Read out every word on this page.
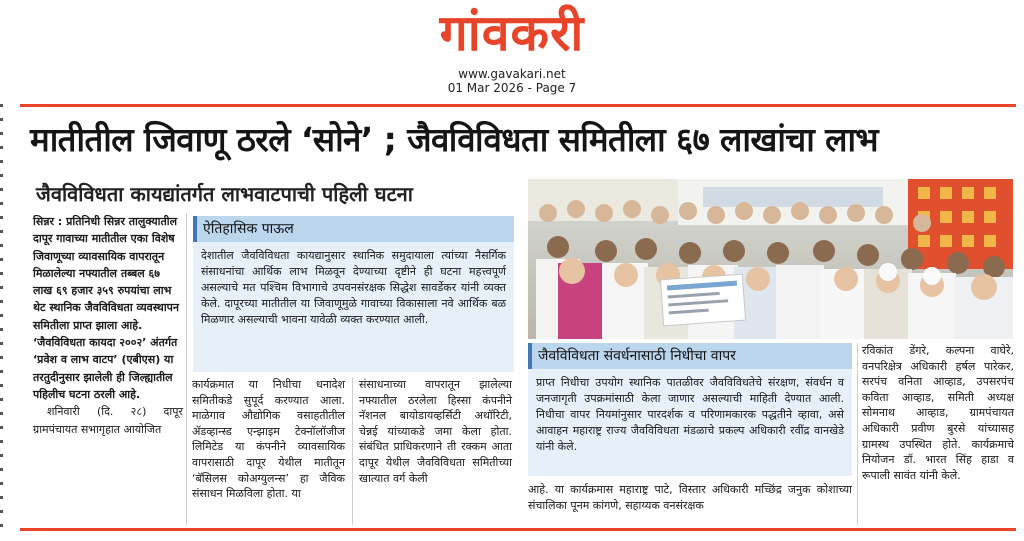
गांवकरी
www.gavakari.net
01 Mar 2026 - Page 7
मातीतील जिवाणू ठरले ‘सोने’ ; जैवविविधता समितीला ६७ लाखांचा लाभ
जैवविविधता कायद्यांतर्गत लाभवाटपाची पहिली घटना

सिन्नर : प्रतिनिधी सिन्नर तालुक्यातील दापूर गावाच्या मातीतील एका विशेष जिवाणूच्या व्यावसायिक वापरातून मिळालेल्या नफ्यातील तब्बल ६७ लाख ६९ हजार ३५९ रुपयांचा लाभ थेट स्थानिक जैवविविधता व्यवस्थापन समितीला प्राप्त झाला आहे. ‘जैवविविधता कायदा २००२’ अंतर्गत ‘प्रवेश व लाभ वाटप’ (एबीएस) या तरतुदीनुसार झालेली ही जिल्ह्यातील पहिलीच घटना ठरली आहे.

शनिवारी (दि. २८) दापूर ग्रामपंचायत सभागृहात आयोजित

ऐतिहासिक पाऊल
देशातील जैवविविधता कायद्यानुसार स्थानिक समुदायाला त्यांच्या नैसर्गिक संसाधनांचा आर्थिक लाभ मिळवून देण्याच्या दृष्टीने ही घटना महत्त्वपूर्ण असल्याचे मत पश्चिम विभागाचे उपवनसंरक्षक सिद्धेश सावर्डेकर यांनी व्यक्त केले. दापूरच्या मातीतील या जिवाणूमुळे गावाच्या विकासाला नवे आर्थिक बळ मिळणार असल्याची भावना यावेळी व्यक्त करण्यात आली.
कार्यक्रमात या निधीचा धनादेश समितीकडे सुपूर्द करण्यात आला. माळेगाव औद्योगिक वसाहतीतील ॲडव्हान्स्ड एन्झाइम टेक्नॉलॉजीज लिमिटेड या कंपनीने व्यावसायिक वापरासाठी दापूर येथील मातीतून ‘बॅसिलस कोअग्युलन्स’ हा जैविक संसाधन मिळविला होता. या
संसाधनाच्या वापरातून झालेल्या नफ्यातील ठरलेला हिस्सा कंपनीने नॅशनल बायोडायव्हर्सिटी अथॉरिटी, चेन्नई यांच्याकडे जमा केला होता. संबंधित प्राधिकरणाने ती रक्कम आता दापूर येथील जैवविविधता समितीच्या खात्यात वर्ग केली
जैवविविधता संवर्धनासाठी निधीचा वापर
प्राप्त निधीचा उपयोग स्थानिक पातळीवर जैवविविधतेचे संरक्षण, संवर्धन व जनजागृती उपक्रमांसाठी केला जाणार असल्याची माहिती देण्यात आली. निधीचा वापर नियमांनुसार पारदर्शक व परिणामकारक पद्धतीने व्हावा, असे आवाहन महाराष्ट्र राज्य जैवविविधता मंडळाचे प्रकल्प अधिकारी रवींद्र वानखेडे यांनी केले.
आहे. या कार्यक्रमास महाराष्ट्र पाटे, विस्तार अधिकारी मच्छिंद्र जनुक कोशाच्या संचालिका पूनम कांगणे, सहाय्यक वनसंरक्षक
रविकांत डेंगरे, कल्पना वाघेरे, वनपरिक्षेत्र अधिकारी हर्षल पारेकर, सरपंच वनिता आव्हाड, उपसरपंच कविता आव्हाड, समिती अध्यक्ष सोमनाथ आव्हाड, ग्रामपंचायत अधिकारी प्रवीण बुरसे यांच्यासह ग्रामस्थ उपस्थित होते. कार्यक्रमाचे नियोजन डॉ. भारत सिंह हाडा व रूपाली सावंत यांनी केले.
